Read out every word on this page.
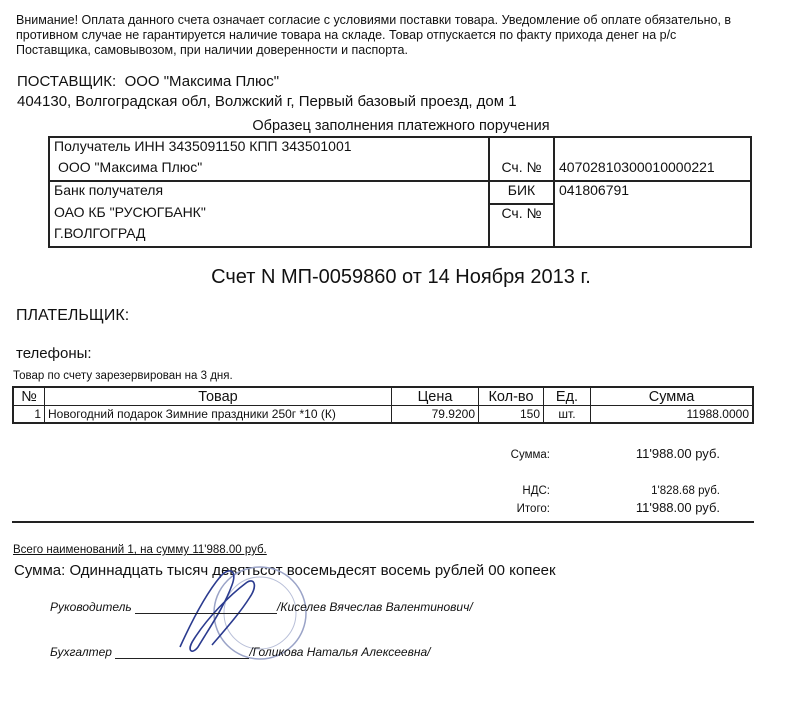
Внимание! Оплата данного счета означает согласие с условиями поставки товара. Уведомление об оплате обязательно, в противном случае не гарантируется наличие товара на складе. Товар отпускается по факту прихода денег на р/с Поставщика, самовывозом, при наличии доверенности и паспорта.
ПОСТАВЩИК: ООО "Максима Плюс"
404130, Волгоградская обл, Волжский г, Первый базовый проезд, дом 1
Образец заполнения платежного поручения
Получатель ИНН 3435091150 КПП 343501001		
ООО "Максима Плюс"	Сч. №	40702810300010000221
Банк получателя	БИК	041806791
ОАО КБ "РУСЮГБАНК"	Сч. №	
Г.ВОЛГОГРАД		
Счет N МП-0059860 от 14 Ноября 2013 г.
ПЛАТЕЛЬЩИК:
телефоны:
Товар по счету зарезервирован на 3 дня.
№	Товар	Цена	Кол-во	Ед.	Сумма
1	Новогодний подарок Зимние праздники 250г *10 (К)	79.9200	150	шт.	11988.0000
Сумма:	11'988.00 руб.
НДС:	1'828.68 руб.
Итого:	11'988.00 руб.
Всего наименований 1, на сумму 11'988.00 руб.
Сумма: Одиннадцать тысяч девятьсот восемьдесят восемь рублей 00 копеек
Руководитель	/Киселев Вячеслав Валентинович/
Бухгалтер	/Голикова Наталья Алексеевна/
